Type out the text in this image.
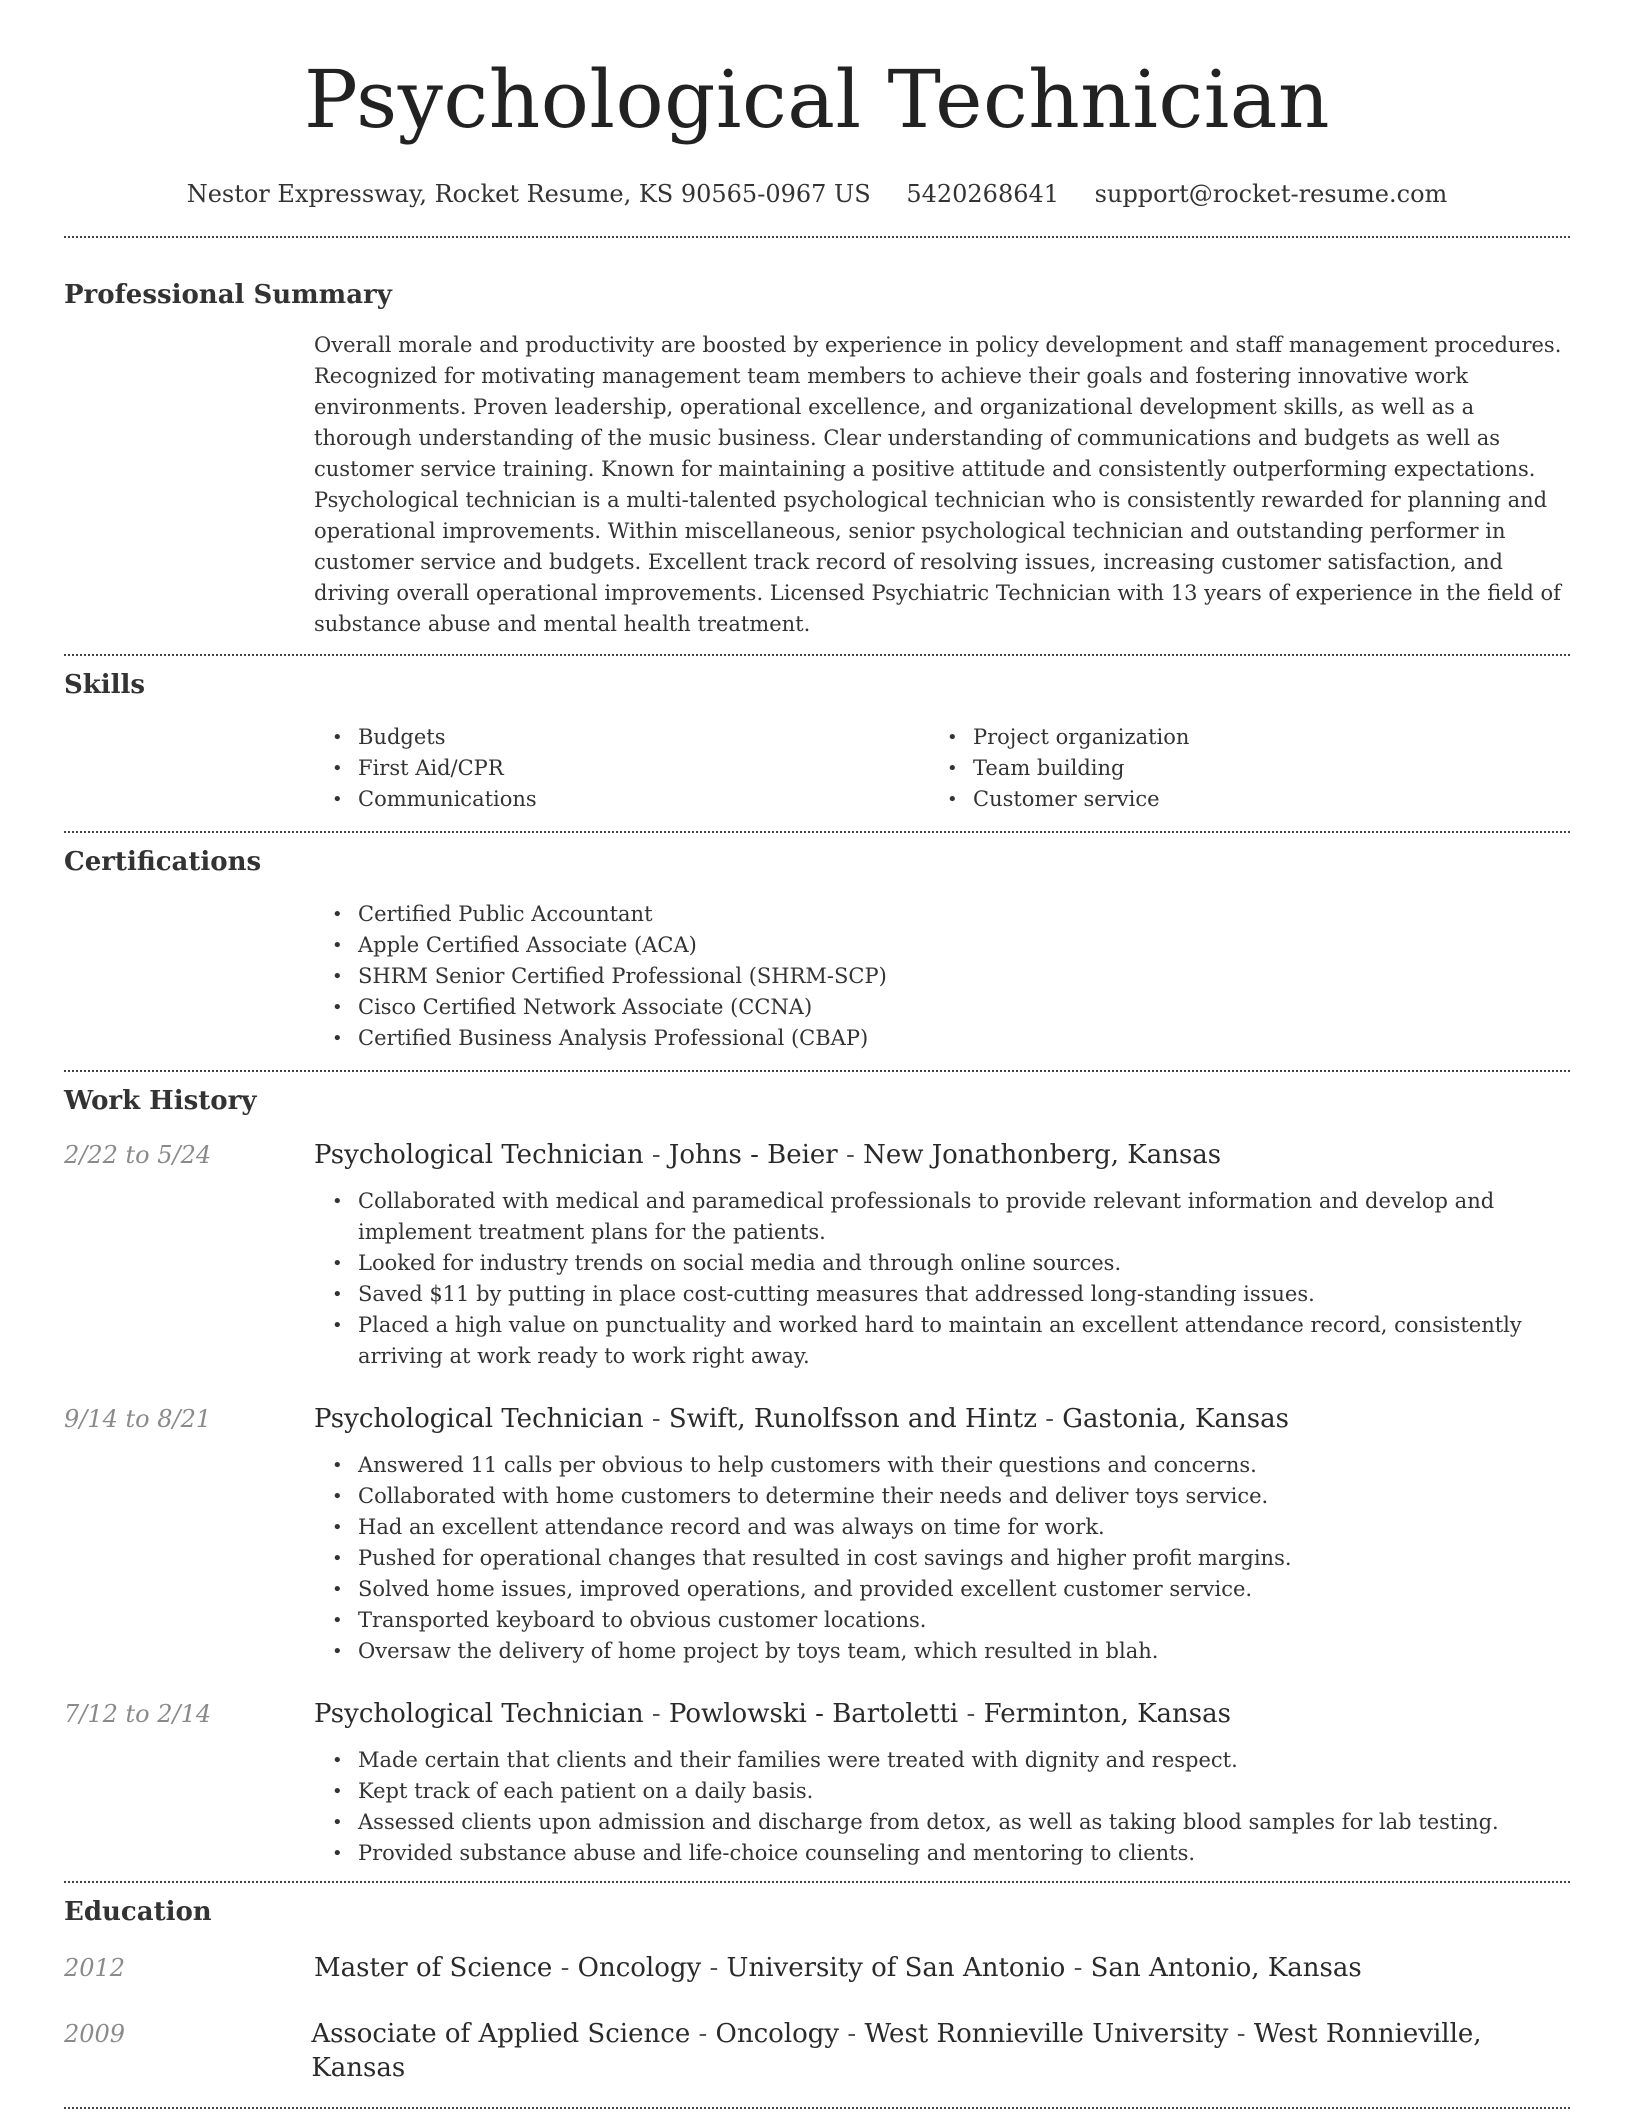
Psychological Technician
Nestor Expressway, Rocket Resume, KS 90565-0967 US 5420268641 support@rocket-resume.com
Professional Summary

Overall morale and productivity are boosted by experience in policy development and staff management procedures. Recognized for motivating management team members to achieve their goals and fostering innovative work environments. Proven leadership, operational excellence, and organizational development skills, as well as a thorough understanding of the music business. Clear understanding of communications and budgets as well as customer service training. Known for maintaining a positive attitude and consistently outperforming expectations. Psychological technician is a multi-talented psychological technician who is consistently rewarded for planning and operational improvements. Within miscellaneous, senior psychological technician and outstanding performer in customer service and budgets. Excellent track record of resolving issues, increasing customer satisfaction, and driving overall operational improvements. Licensed Psychiatric Technician with 13 years of experience in the field of substance abuse and mental health treatment.

Skills
• Budgets
• First Aid/CPR
• Communications
• Project organization
• Team building
• Customer service
Certifications
• Certified Public Accountant
• Apple Certified Associate (ACA)
• SHRM Senior Certified Professional (SHRM-SCP)
• Cisco Certified Network Associate (CCNA)
• Certified Business Analysis Professional (CBAP)
Work History
2/22 to 5/24	Psychological Technician - Johns - Beier - New Jonathonberg, Kansas
• Collaborated with medical and paramedical professionals to provide relevant information and develop and implement treatment plans for the patients.
• Looked for industry trends on social media and through online sources.
• Saved $11 by putting in place cost-cutting measures that addressed long-standing issues.
• Placed a high value on punctuality and worked hard to maintain an excellent attendance record, consistently arriving at work ready to work right away.
9/14 to 8/21	Psychological Technician - Swift, Runolfsson and Hintz - Gastonia, Kansas
• Answered 11 calls per obvious to help customers with their questions and concerns.
• Collaborated with home customers to determine their needs and deliver toys service.
• Had an excellent attendance record and was always on time for work.
• Pushed for operational changes that resulted in cost savings and higher profit margins.
• Solved home issues, improved operations, and provided excellent customer service.
• Transported keyboard to obvious customer locations.
• Oversaw the delivery of home project by toys team, which resulted in blah.
7/12 to 2/14	Psychological Technician - Powlowski - Bartoletti - Ferminton, Kansas
• Made certain that clients and their families were treated with dignity and respect.
• Kept track of each patient on a daily basis.
• Assessed clients upon admission and discharge from detox, as well as taking blood samples for lab testing.
• Provided substance abuse and life-choice counseling and mentoring to clients.
Education
2012	Master of Science - Oncology - University of San Antonio - San Antonio, Kansas
2009	Associate of Applied Science - Oncology - West Ronnieville University - West Ronnieville, Kansas
